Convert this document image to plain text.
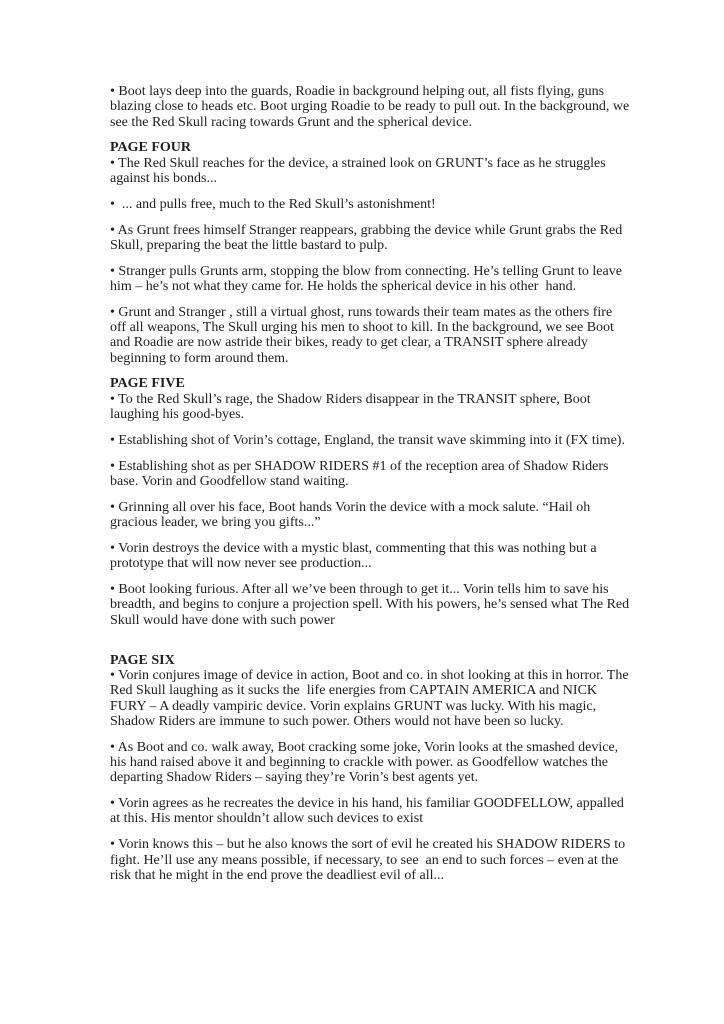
• Boot lays deep into the guards, Roadie in background helping out, all fists flying, guns blazing close to heads etc. Boot urging Roadie to be ready to pull out. In the background, we see the Red Skull racing towards Grunt and the spherical device.

PAGE FOUR

• The Red Skull reaches for the device, a strained look on GRUNT’s face as he struggles against his bonds...

•  ... and pulls free, much to the Red Skull’s astonishment!

• As Grunt frees himself Stranger reappears, grabbing the device while Grunt grabs the Red Skull, preparing the beat the little bastard to pulp.

• Stranger pulls Grunts arm, stopping the blow from connecting. He’s telling Grunt to leave him – he’s not what they came for. He holds the spherical device in his other  hand.

• Grunt and Stranger , still a virtual ghost, runs towards their team mates as the others fire off all weapons, The Skull urging his men to shoot to kill. In the background, we see Boot and Roadie are now astride their bikes, ready to get clear, a TRANSIT sphere already beginning to form around them.

PAGE FIVE

• To the Red Skull’s rage, the Shadow Riders disappear in the TRANSIT sphere, Boot laughing his good-byes.

• Establishing shot of Vorin’s cottage, England, the transit wave skimming into it (FX time).

• Establishing shot as per SHADOW RIDERS #1 of the reception area of Shadow Riders base. Vorin and Goodfellow stand waiting.

• Grinning all over his face, Boot hands Vorin the device with a mock salute. “Hail oh gracious leader, we bring you gifts...”

• Vorin destroys the device with a mystic blast, commenting that this was nothing but a prototype that will now never see production...

• Boot looking furious. After all we’ve been through to get it... Vorin tells him to save his breadth, and begins to conjure a projection spell. With his powers, he’s sensed what The Red Skull would have done with such power

PAGE SIX

• Vorin conjures image of device in action, Boot and co. in shot looking at this in horror. The Red Skull laughing as it sucks the  life energies from CAPTAIN AMERICA and NICK FURY – A deadly vampiric device. Vorin explains GRUNT was lucky. With his magic, Shadow Riders are immune to such power. Others would not have been so lucky.

• As Boot and co. walk away, Boot cracking some joke, Vorin looks at the smashed device, his hand raised above it and beginning to crackle with power. as Goodfellow watches the departing Shadow Riders – saying they’re Vorin’s best agents yet.

• Vorin agrees as he recreates the device in his hand, his familiar GOODFELLOW, appalled at this. His mentor shouldn’t allow such devices to exist

• Vorin knows this – but he also knows the sort of evil he created his SHADOW RIDERS to fight. He’ll use any means possible, if necessary, to see  an end to such forces – even at the risk that he might in the end prove the deadliest evil of all...
